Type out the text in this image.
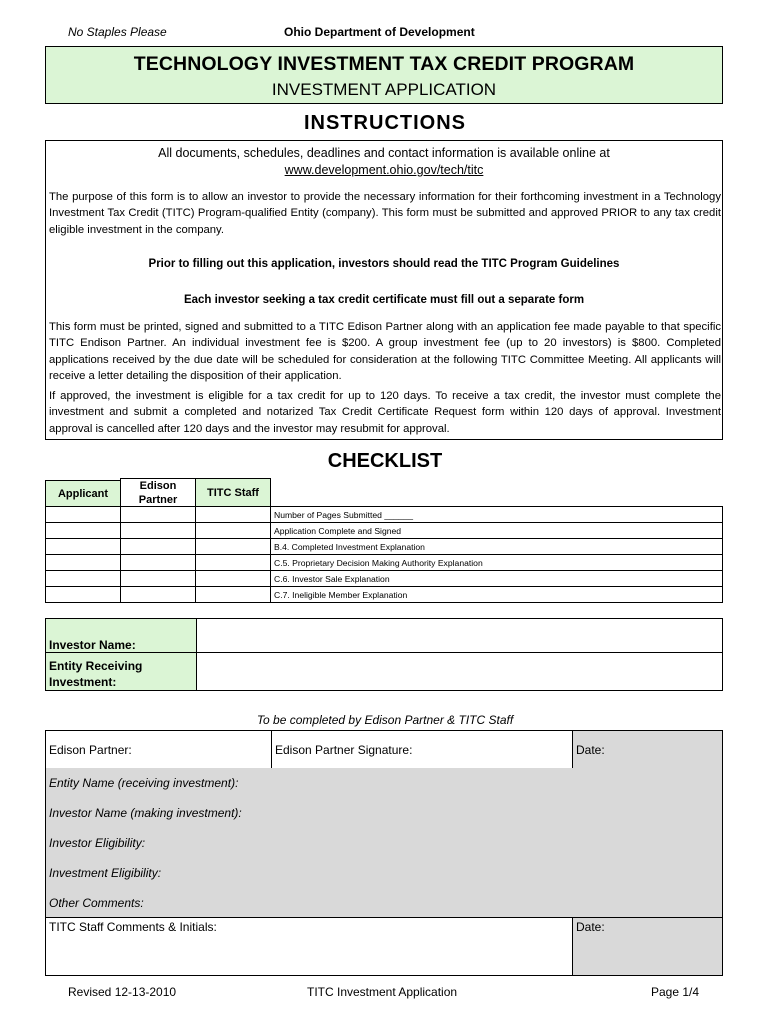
No Staples Please	Ohio Department of Development
TECHNOLOGY INVESTMENT TAX CREDIT PROGRAM
INVESTMENT APPLICATION
INSTRUCTIONS
All documents, schedules, deadlines and contact information is available online at
www.development.ohio.gov/tech/titc
The purpose of this form is to allow an investor to provide the necessary information for their forthcoming investment in a Technology Investment Tax Credit (TITC) Program-qualified Entity (company). This form must be submitted and approved PRIOR to any tax credit eligible investment in the company.
Prior to filling out this application, investors should read the TITC Program Guidelines
Each investor seeking a tax credit certificate must fill out a separate form
This form must be printed, signed and submitted to a TITC Edison Partner along with an application fee made payable to that specific TITC Endison Partner. An individual investment fee is $200. A group investment fee (up to 20 investors) is $800. Completed applications received by the due date will be scheduled for consideration at the following TITC Committee Meeting. All applicants will receive a letter detailing the disposition of their application.
If approved, the investment is eligible for a tax credit for up to 120 days. To receive a tax credit, the investor must complete the investment and submit a completed and notarized Tax Credit Certificate Request form within 120 days of approval. Investment approval is cancelled after 120 days and the investor may resubmit for approval.
CHECKLIST
Applicant
Edison Partner
TITC Staff
			Number of Pages Submitted ______
			Application Complete and Signed
			B.4. Completed Investment Explanation
			C.5. Proprietary Decision Making Authority Explanation
			C.6. Investor Sale Explanation
			C.7. Ineligible Member Explanation
Investor Name:	
Entity Receiving Investment:	
To be completed by Edison Partner & TITC Staff
Edison Partner:	Edison Partner Signature:	Date:
Entity Name (receiving investment):
Investor Name (making investment):
Investor Eligibility:
Investment Eligibility:
Other Comments:
TITC Staff Comments & Initials:	Date:
Revised 12-13-2010	TITC Investment Application	Page 1/4
